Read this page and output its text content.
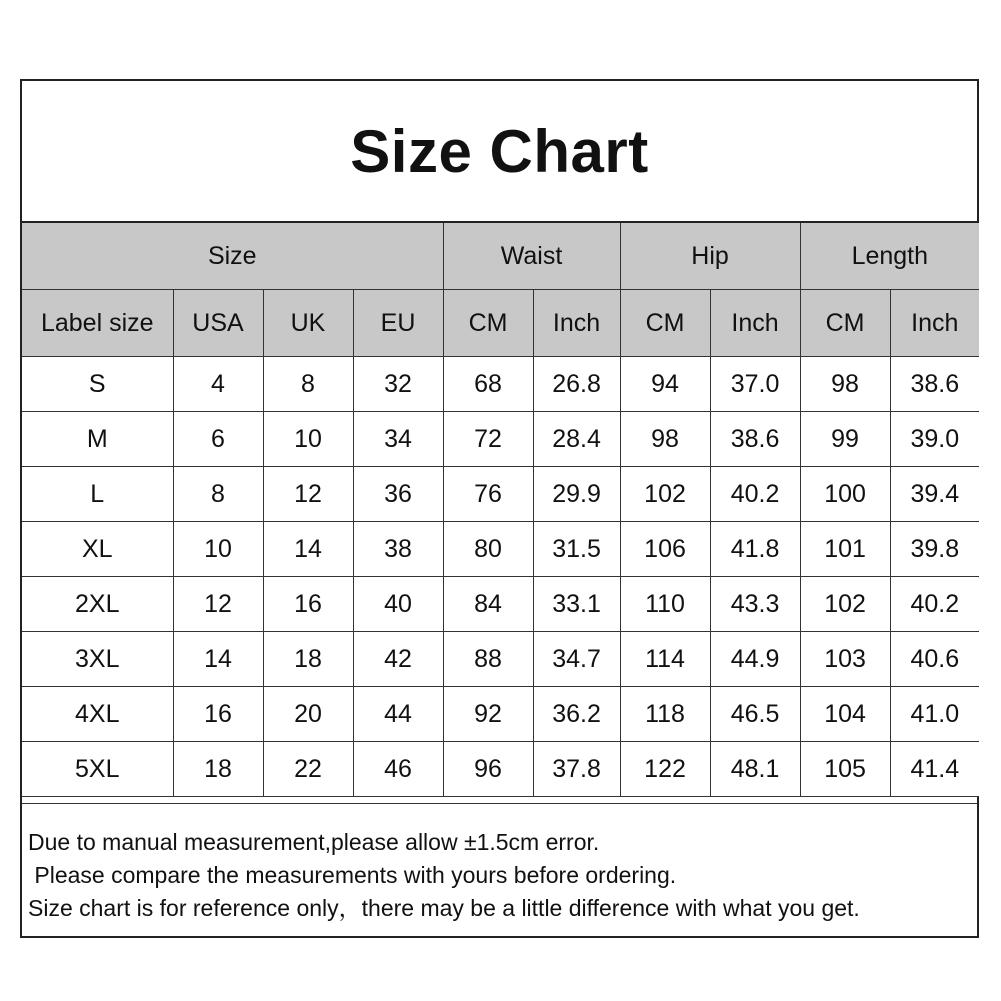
Size Chart
Size				Waist		Hip		Length	
Label size	USA	UK	EU	CM	Inch	CM	Inch	CM	Inch
S	4	8	32	68	26.8	94	37.0	98	38.6
M	6	10	34	72	28.4	98	38.6	99	39.0
L	8	12	36	76	29.9	102	40.2	100	39.4
XL	10	14	38	80	31.5	106	41.8	101	39.8
2XL	12	16	40	84	33.1	110	43.3	102	40.2
3XL	14	18	42	88	34.7	114	44.9	103	40.6
4XL	16	20	44	92	36.2	118	46.5	104	41.0
5XL	18	22	46	96	37.8	122	48.1	105	41.4
Due to manual measurement,please allow ±1.5cm error.
Please compare the measurements with yours before ordering.
Size chart is for reference only，there may be a little difference with what you get.
